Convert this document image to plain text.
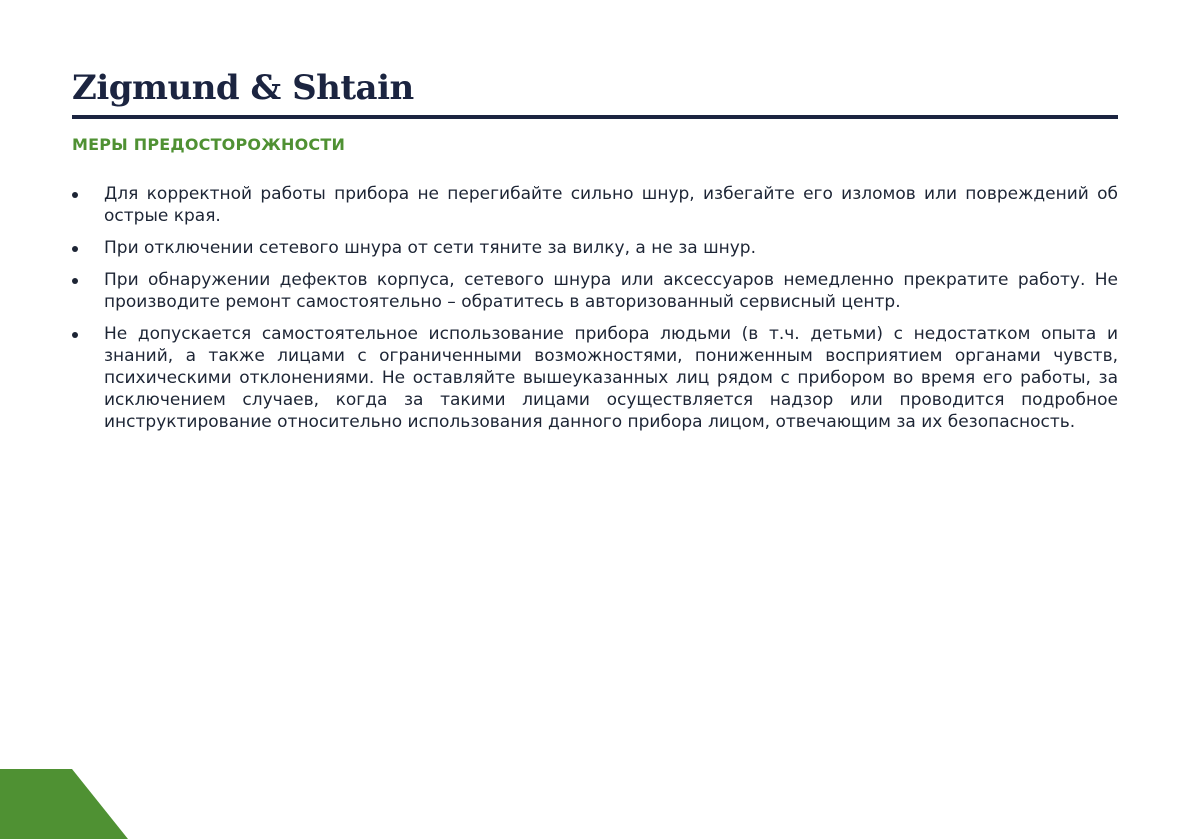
Zigmund & Shtain
МЕРЫ ПРЕДОСТОРОЖНОСТИ
Для корректной работы прибора не перегибайте сильно шнур, избегайте его изломов или повреждений об острые края.
При отключении сетевого шнура от сети тяните за вилку, а не за шнур.
При обнаружении дефектов корпуса, сетевого шнура или аксессуаров немедленно прекратите работу. Не производите ремонт самостоятельно – обратитесь в авторизованный сервисный центр.
Не допускается самостоятельное использование прибора людьми (в т.ч. детьми) с недостатком опыта и знаний, а также лицами с ограниченными возможностями, пониженным восприятием органами чувств, психическими отклонениями. Не оставляйте вышеуказанных лиц рядом с прибором во время его работы, за исключением случаев, когда за такими лицами осуществляется надзор или проводится подробное инструктирование относительно использования данного прибора лицом, отвечающим за их безопасность.
